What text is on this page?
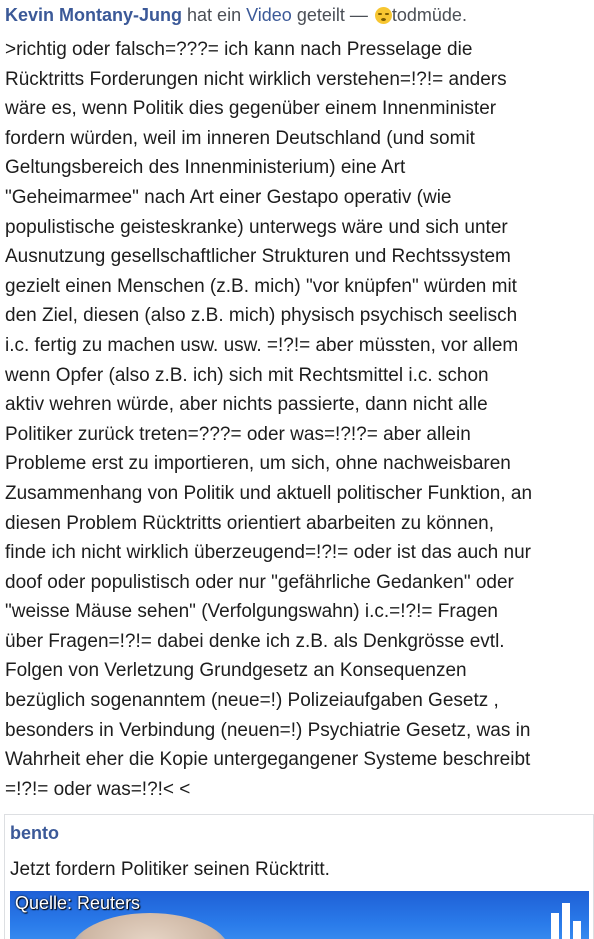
Kevin Montany-Jung hat ein Video geteilt — todmüde.
>richtig oder falsch=???= ich kann nach Presselage die
Rücktritts Forderungen nicht wirklich verstehen=!?!= anders
wäre es, wenn Politik dies gegenüber einem Innenminister
fordern würden, weil im inneren Deutschland (und somit
Geltungsbereich des Innenministerium) eine Art
"Geheimarmee" nach Art einer Gestapo operativ (wie
populistische geisteskranke) unterwegs wäre und sich unter
Ausnutzung gesellschaftlicher Strukturen und Rechtssystem
gezielt einen Menschen (z.B. mich) "vor knüpfen" würden mit
den Ziel, diesen (also z.B. mich) physisch psychisch seelisch
i.c. fertig zu machen usw. usw. =!?!= aber müssten, vor allem
wenn Opfer (also z.B. ich) sich mit Rechtsmittel i.c. schon
aktiv wehren würde, aber nichts passierte, dann nicht alle
Politiker zurück treten=???= oder was=!?!?= aber allein
Probleme erst zu importieren, um sich, ohne nachweisbaren
Zusammenhang von Politik und aktuell politischer Funktion, an
diesen Problem Rücktritts orientiert abarbeiten zu können,
finde ich nicht wirklich überzeugend=!?!= oder ist das auch nur
doof oder populistisch oder nur "gefährliche Gedanken" oder
"weisse Mäuse sehen" (Verfolgungswahn) i.c.=!?!= Fragen
über Fragen=!?!= dabei denke ich z.B. als Denkgrösse evtl.
Folgen von Verletzung Grundgesetz an Konsequenzen
bezüglich sogenanntem (neue=!) Polizeiaufgaben Gesetz ,
besonders in Verbindung (neuen=!) Psychiatrie Gesetz, was in
Wahrheit eher die Kopie untergegangener Systeme beschreibt
=!?!= oder was=!?!< <
bento
Jetzt fordern Politiker seinen Rücktritt.
Quelle: Reuters
